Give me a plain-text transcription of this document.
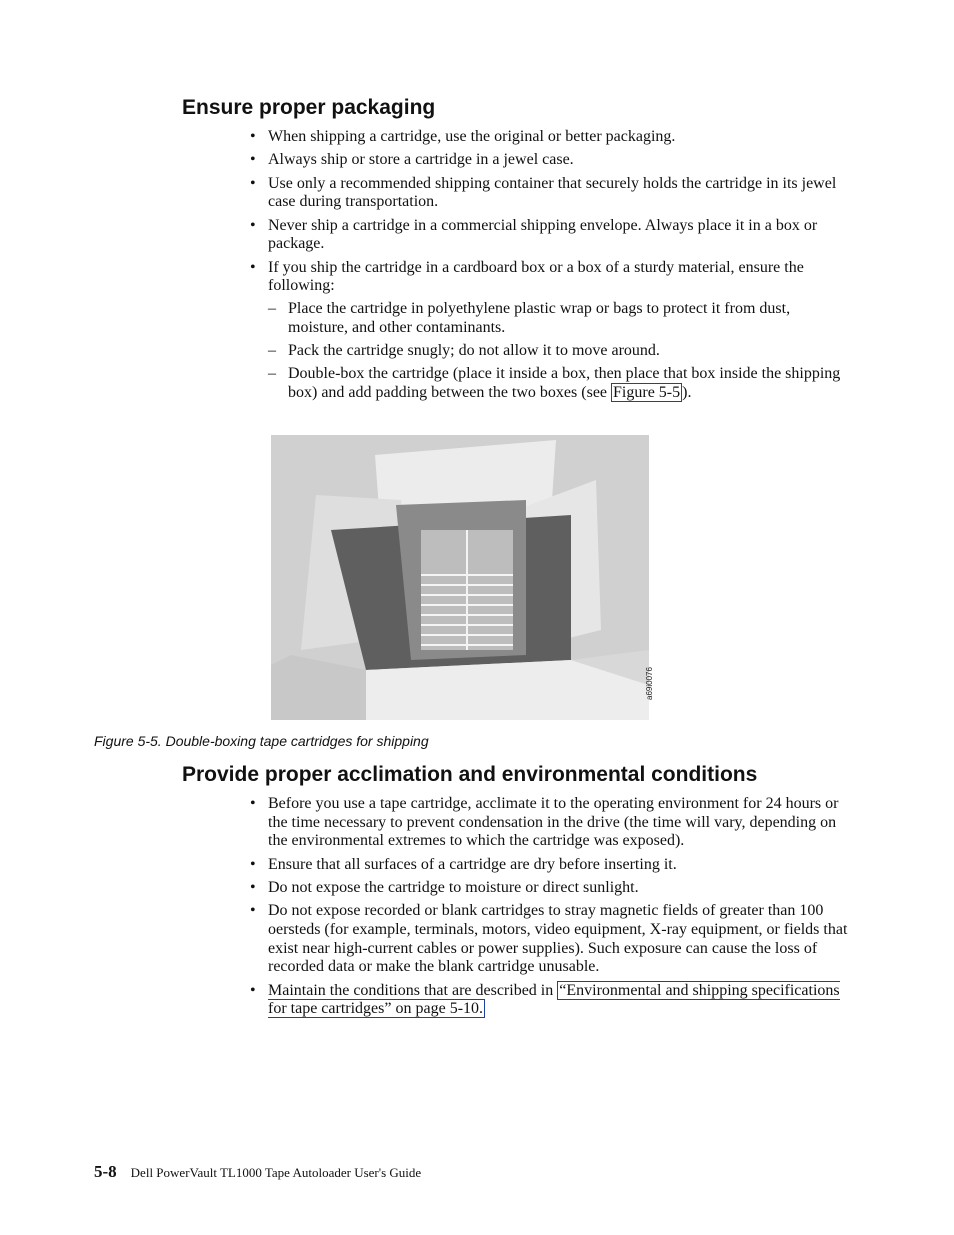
Ensure proper packaging
• When shipping a cartridge, use the original or better packaging.
• Always ship or store a cartridge in a jewel case.
• Use only a recommended shipping container that securely holds the cartridge in its jewel case during transportation.
• Never ship a cartridge in a commercial shipping envelope. Always place it in a box or package.
• If you ship the cartridge in a cardboard box or a box of a sturdy material, ensure the following:
– Place the cartridge in polyethylene plastic wrap or bags to protect it from dust, moisture, and other contaminants.
– Pack the cartridge snugly; do not allow it to move around.
– Double-box the cartridge (place it inside a box, then place that box inside the shipping box) and add padding between the two boxes (see Figure 5-5 ).
a69i0076
Figure 5-5. Double-boxing tape cartridges for shipping
Provide proper acclimation and environmental conditions
• Before you use a tape cartridge, acclimate it to the operating environment for 24 hours or the time necessary to prevent condensation in the drive (the time will vary, depending on the environmental extremes to which the cartridge was exposed).
• Ensure that all surfaces of a cartridge are dry before inserting it.
• Do not expose the cartridge to moisture or direct sunlight.
• Do not expose recorded or blank cartridges to stray magnetic fields of greater than 100 oersteds (for example, terminals, motors, video equipment, X-ray equipment, or fields that exist near high-current cables or power supplies). Such exposure can cause the loss of recorded data or make the blank cartridge unusable.
• Maintain the conditions that are described in “Environmental and shipping specifications for tape cartridges” on page 5-10.
5-8 Dell PowerVault TL1000 Tape Autoloader User's Guide
